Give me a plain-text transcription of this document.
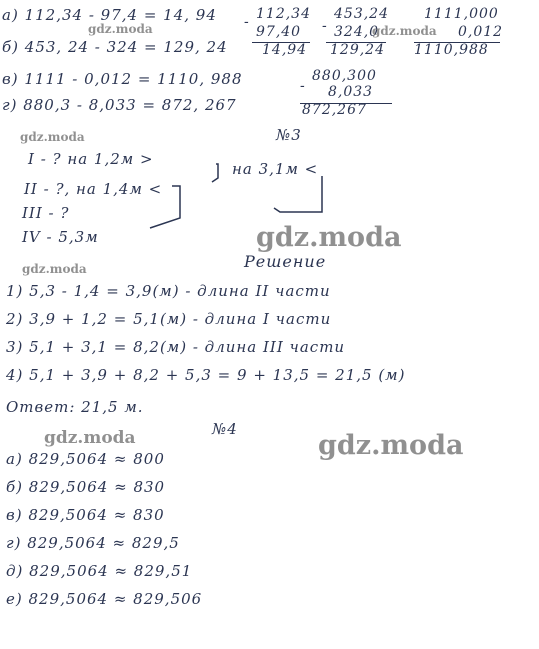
а) 112,34 - 97,4 = 14, 94
б) 453, 24 - 324 = 129, 24
в) 1111 - 0,012 = 1110, 988
г) 880,3 - 8,033 = 872, 267
112,34
-
97,40
14,94
453,24
- 324,0
129,24
1111,000
0,012
1110,988
880,300
- 8,033
872,267
№3
I - ? на 1,2м >
II - ?, на 1,4м <
III - ?
IV - 5,3м
на 3,1м <
Решение
1) 5,3 - 1,4 = 3,9(м) - длина II части
2) 3,9 + 1,2 = 5,1(м) - длина I части
3) 5,1 + 3,1 = 8,2(м) - длина III части
4) 5,1 + 3,9 + 8,2 + 5,3 = 9 + 13,5 = 21,5 (м)
Ответ: 21,5 м.
№4
а) 829,5064 ≈ 800
б) 829,5064 ≈ 830
в) 829,5064 ≈ 830
г) 829,5064 ≈ 829,5
д) 829,5064 ≈ 829,51
е) 829,5064 ≈ 829,506
gdz.moda	gdz.moda
gdz.moda
gdz.moda
gdz.moda
gdz.moda
gdz.moda
